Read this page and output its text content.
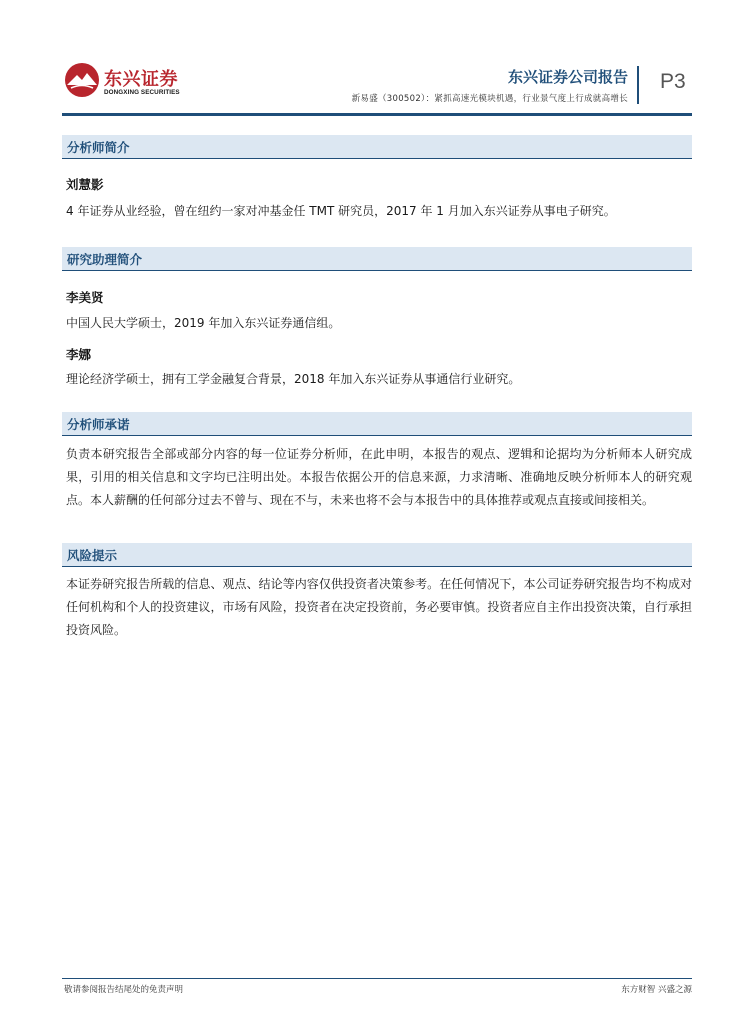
东兴证券
DONGXING SECURITIES
东兴证券公司报告
新易盛（300502）：紧抓高速光模块机遇，行业景气度上行成就高增长
P3
分析师简介
刘慧影
4 年证券从业经验，曾在纽约一家对冲基金任 TMT 研究员，2017 年 1 月加入东兴证券从事电子研究。
研究助理简介
李美贤
中国人民大学硕士，2019 年加入东兴证券通信组。
李娜
理论经济学硕士，拥有工学金融复合背景，2018 年加入东兴证券从事通信行业研究。
分析师承诺
负责本研究报告全部或部分内容的每一位证券分析师，在此申明，本报告的观点、逻辑和论据均为分析师本人研究成果，引用的相关信息和文字均已注明出处。本报告依据公开的信息来源，力求清晰、准确地反映分析师本人的研究观点。本人薪酬的任何部分过去不曾与、现在不与，未来也将不会与本报告中的具体推荐或观点直接或间接相关。
风险提示
本证券研究报告所载的信息、观点、结论等内容仅供投资者决策参考。在任何情况下，本公司证券研究报告均不构成对任何机构和个人的投资建议，市场有风险，投资者在决定投资前，务必要审慎。投资者应自主作出投资决策，自行承担投资风险。
敬请参阅报告结尾处的免责声明	东方财智 兴盛之源
